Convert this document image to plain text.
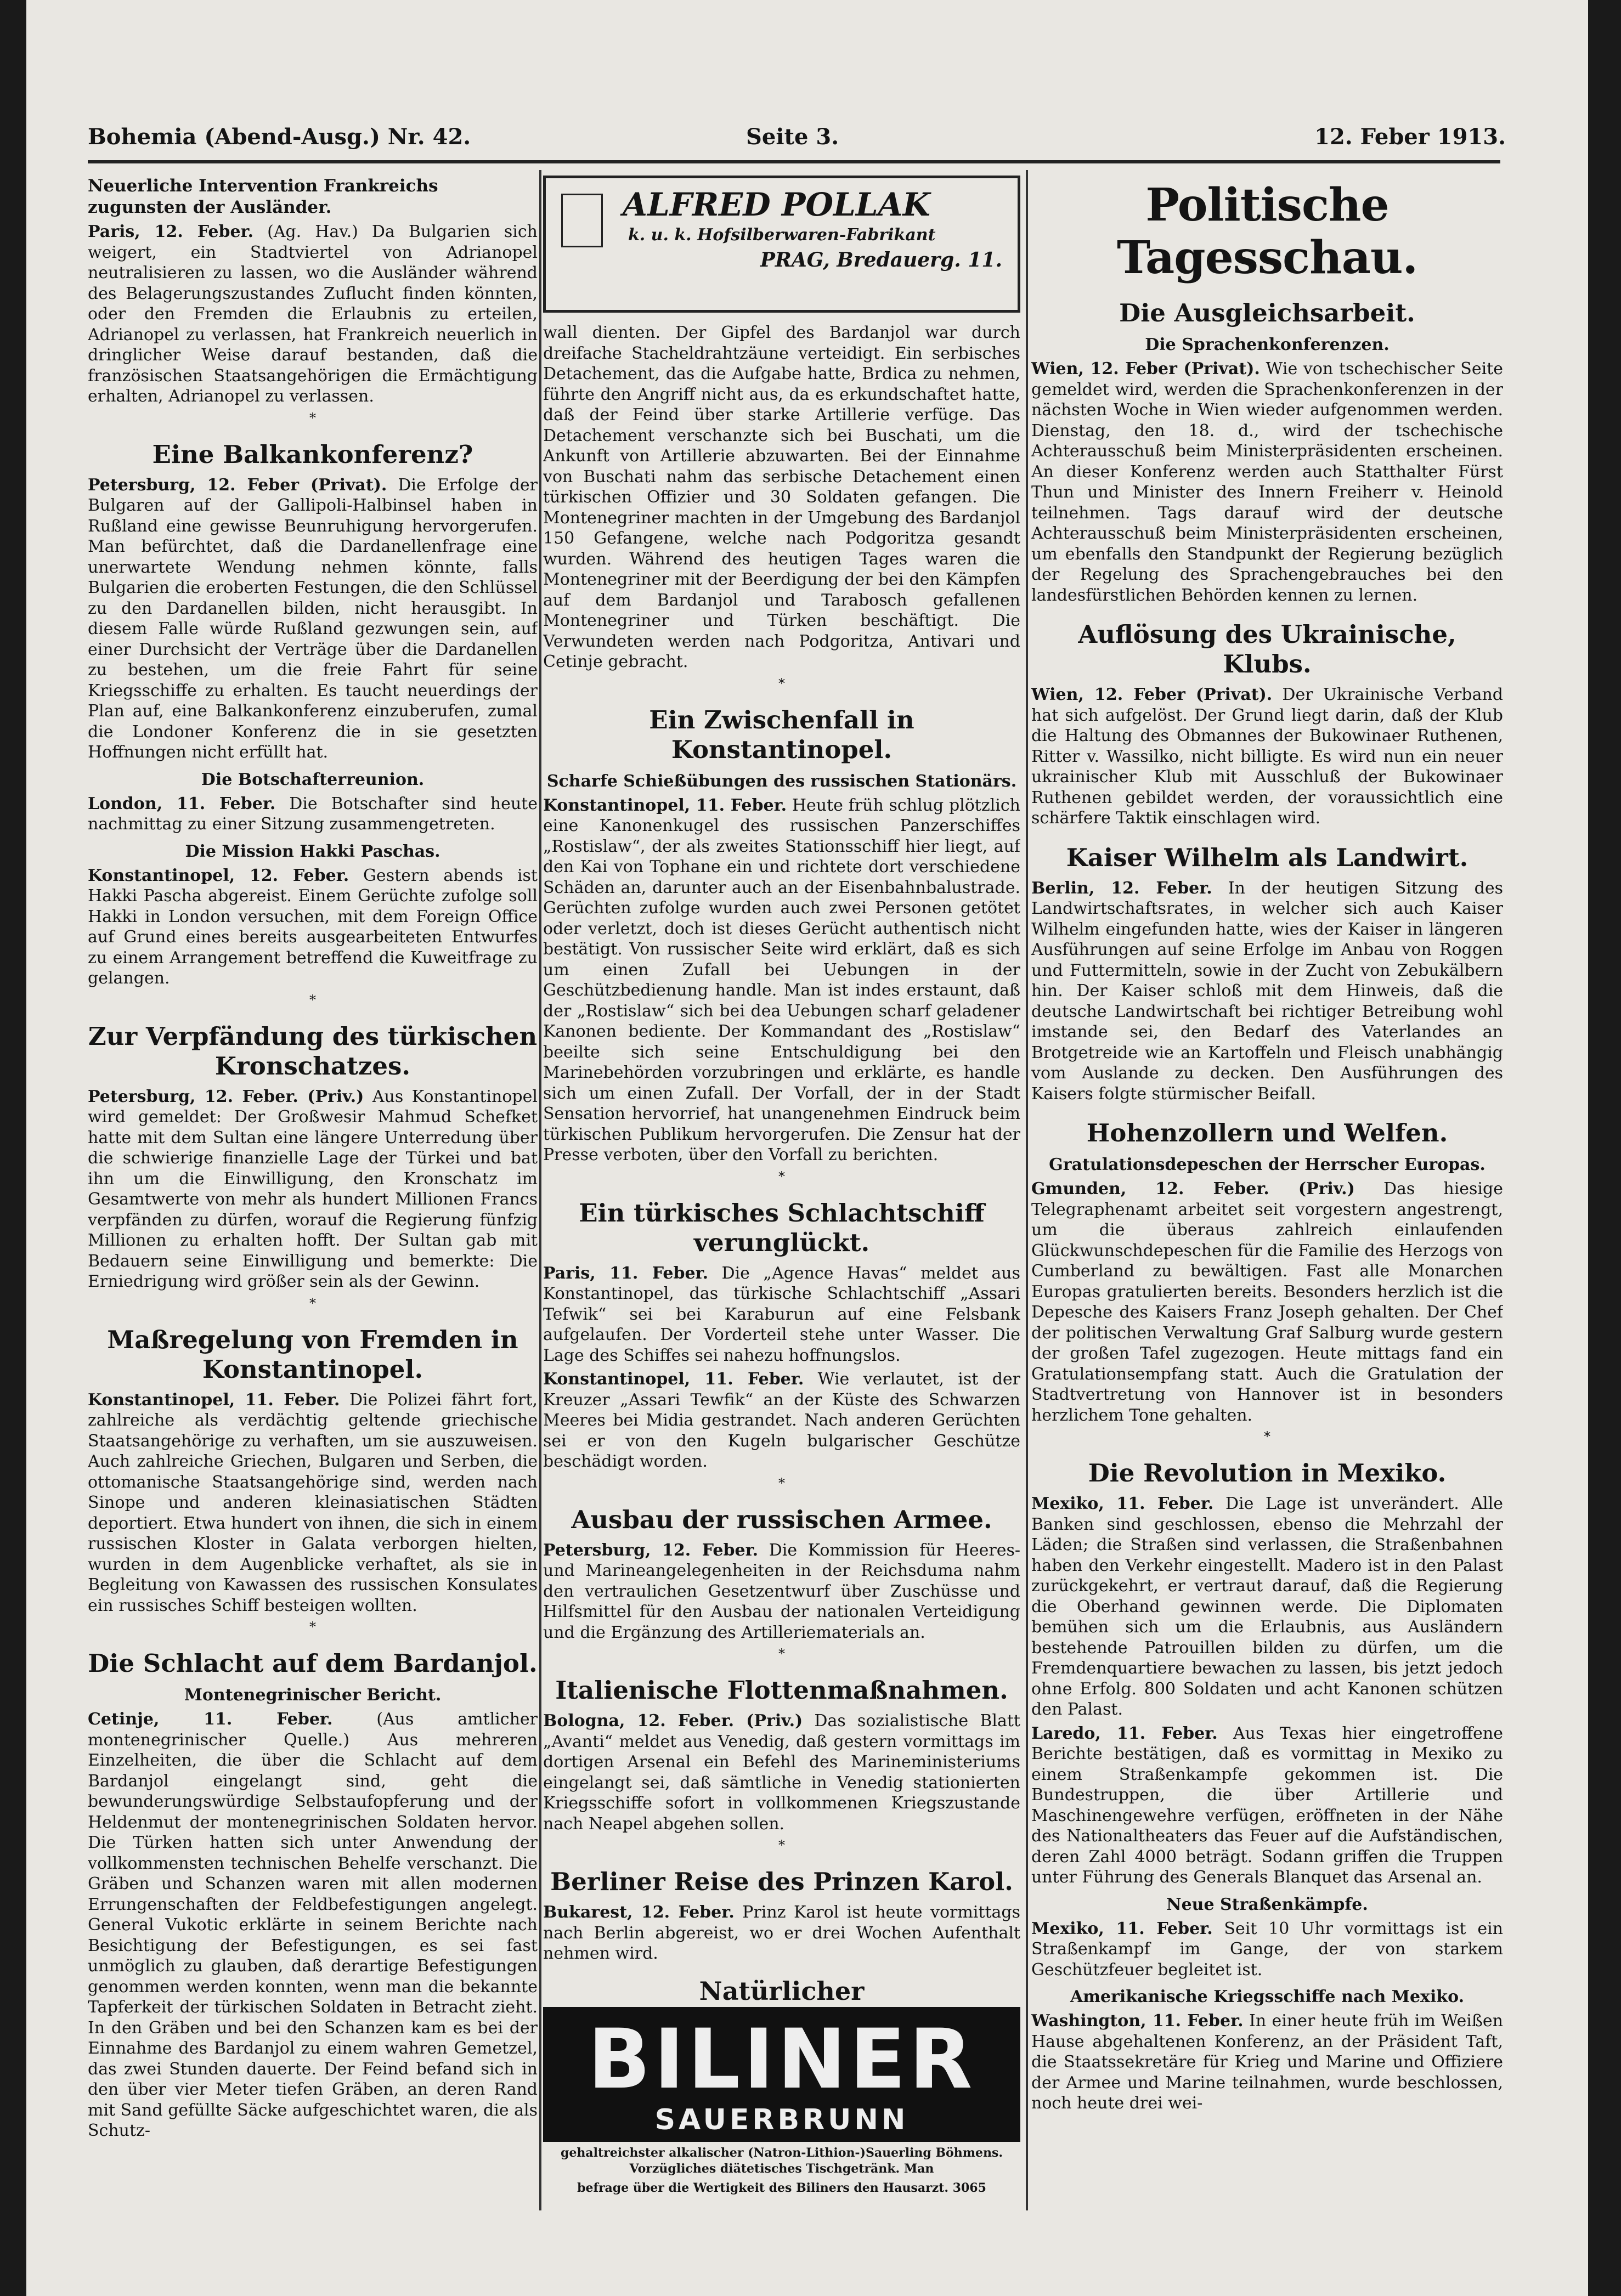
Bohemia (Abend-Ausg.) Nr. 42.	Seite 3.	12. Feber 1913.
Neuerliche Intervention Frankreichs zugunsten der Ausländer.

Paris, 12. Feber. (Ag. Hav.) Da Bulgarien sich weigert, ein Stadtviertel von Adrianopel neutralisieren zu lassen, wo die Ausländer während des Belagerungszustandes Zuflucht finden könnten, oder den Fremden die Erlaubnis zu erteilen, Adrianopel zu verlassen, hat Frankreich neuerlich in dringlicher Weise darauf bestanden, daß die französischen Staatsangehörigen die Ermächtigung erhalten, Adrianopel zu verlassen.

*
Eine Balkankonferenz?

Petersburg, 12. Feber (Privat). Die Erfolge der Bulgaren auf der Gallipoli-Halbinsel haben in Rußland eine gewisse Beunruhigung hervorgerufen. Man befürchtet, daß die Dardanellenfrage eine unerwartete Wendung nehmen könnte, falls Bulgarien die eroberten Festungen, die den Schlüssel zu den Dardanellen bilden, nicht herausgibt. In diesem Falle würde Rußland gezwungen sein, auf einer Durchsicht der Verträge über die Dardanellen zu bestehen, um die freie Fahrt für seine Kriegsschiffe zu erhalten. Es taucht neuerdings der Plan auf, eine Balkankonferenz einzuberufen, zumal die Londoner Konferenz die in sie gesetzten Hoffnungen nicht erfüllt hat.

Die Botschafterreunion.

London, 11. Feber. Die Botschafter sind heute nachmittag zu einer Sitzung zusammengetreten.

Die Mission Hakki Paschas.

Konstantinopel, 12. Feber. Gestern abends ist Hakki Pascha abgereist. Einem Gerüchte zufolge soll Hakki in London versuchen, mit dem Foreign Office auf Grund eines bereits ausgearbeiteten Entwurfes zu einem Arrangement betreffend die Kuweitfrage zu gelangen.

*
Zur Verpfändung des türkischen Kronschatzes.

Petersburg, 12. Feber. (Priv.) Aus Konstantinopel wird gemeldet: Der Großwesir Mahmud Schefket hatte mit dem Sultan eine längere Unterredung über die schwierige finanzielle Lage der Türkei und bat ihn um die Einwilligung, den Kronschatz im Gesamtwerte von mehr als hundert Millionen Francs verpfänden zu dürfen, worauf die Regierung fünfzig Millionen zu erhalten hofft. Der Sultan gab mit Bedauern seine Einwilligung und bemerkte: Die Erniedrigung wird größer sein als der Gewinn.

*
Maßregelung von Fremden in Konstantinopel.

Konstantinopel, 11. Feber. Die Polizei fährt fort, zahlreiche als verdächtig geltende griechische Staatsangehörige zu verhaften, um sie auszuweisen. Auch zahlreiche Griechen, Bulgaren und Serben, die ottomanische Staatsangehörige sind, werden nach Sinope und anderen kleinasiatischen Städten deportiert. Etwa hundert von ihnen, die sich in einem russischen Kloster in Galata verborgen hielten, wurden in dem Augenblicke verhaftet, als sie in Begleitung von Kawassen des russischen Konsulates ein russisches Schiff besteigen wollten.

*
Die Schlacht auf dem Bardanjol.
Montenegrinischer Bericht.

Cetinje, 11. Feber.	(Aus amtlicher montenegrinischer Quelle.) Aus mehreren Einzelheiten, die über die Schlacht auf dem Bardanjol eingelangt sind, geht die bewunderungswürdige Selbstaufopferung und der Heldenmut der montenegrinischen Soldaten hervor. Die Türken hatten sich unter Anwendung der vollkommensten technischen Behelfe verschanzt. Die Gräben und Schanzen waren mit allen modernen Errungenschaften der Feldbefestigungen angelegt. General Vukotic erklärte in seinem Berichte nach Besichtigung der Befestigungen, es sei fast unmöglich zu glauben, daß derartige Befestigungen genommen werden konnten, wenn man die bekannte Tapferkeit der türkischen Soldaten in Betracht zieht. In den Gräben und bei den Schanzen kam es bei der Einnahme des Bardanjol zu einem wahren Gemetzel, das zwei Stunden dauerte. Der Feind befand sich in den über vier Meter tiefen Gräben, an deren Rand mit Sand gefüllte Säcke aufgeschichtet waren, die als Schutz-

ALFRED POLLAK
k. u. k. Hofsilberwaren-Fabrikant
PRAG, Bredauerg. 11.

wall dienten. Der Gipfel des Bardanjol war durch dreifache Stacheldrahtzäune verteidigt. Ein serbisches Detachement, das die Aufgabe hatte, Brdica zu nehmen, führte den Angriff nicht aus, da es erkundschaftet hatte, daß der Feind über starke Artillerie verfüge. Das Detachement verschanzte sich bei Buschati, um die Ankunft von Artillerie abzuwarten. Bei der Einnahme von Buschati nahm das serbische Detachement einen türkischen Offizier und 30 Soldaten gefangen. Die Montenegriner machten in der Umgebung des Bardanjol 150 Gefangene, welche nach Podgoritza gesandt wurden. Während des heutigen Tages waren die Montenegriner mit der Beerdigung der bei den Kämpfen auf dem Bardanjol und Tarabosch gefallenen Montenegriner und Türken beschäftigt. Die Verwundeten werden nach Podgoritza, Antivari und Cetinje gebracht.

*
Ein Zwischenfall in Konstantinopel.
Scharfe Schießübungen des russischen Stationärs.

Konstantinopel, 11. Feber. Heute früh schlug plötzlich eine Kanonenkugel des russischen Panzerschiffes „Rostislaw“, der als zweites Stationsschiff hier liegt, auf den Kai von Tophane ein und richtete dort verschiedene Schäden an, darunter auch an der Eisenbahnbalustrade. Gerüchten zufolge wurden auch zwei Personen getötet oder verletzt, doch ist dieses Gerücht authentisch nicht bestätigt. Von russischer Seite wird erklärt, daß es sich um einen Zufall bei Uebungen in der Geschützbedienung handle. Man ist indes erstaunt, daß der „Rostislaw“ sich bei dea Uebungen scharf geladener Kanonen bediente. Der Kommandant des „Rostislaw“ beeilte sich seine Entschuldigung bei den Marinebehörden vorzubringen und erklärte, es handle sich um einen Zufall. Der Vorfall, der in der Stadt Sensation hervorrief, hat unangenehmen Eindruck beim türkischen Publikum hervorgerufen. Die Zensur hat der Presse verboten, über den Vorfall zu berichten.

*
Ein türkisches Schlachtschiff verunglückt.

Paris, 11. Feber. Die „Agence Havas“ meldet aus Konstantinopel, das türkische Schlachtschiff „Assari Tefwik“ sei bei Karaburun auf eine Felsbank aufgelaufen. Der Vorderteil stehe unter Wasser. Die Lage des Schiffes sei nahezu hoffnungslos.

Konstantinopel, 11. Feber. Wie verlautet, ist der Kreuzer „Assari Tewfik“ an der Küste des Schwarzen Meeres bei Midia gestrandet. Nach anderen Gerüchten sei er von den Kugeln bulgarischer Geschütze beschädigt worden.

*
Ausbau der russischen Armee.

Petersburg, 12. Feber. Die Kommission für Heeres- und Marineangelegenheiten in der Reichsduma nahm den vertraulichen Gesetzentwurf über Zuschüsse und Hilfsmittel für den Ausbau der nationalen Verteidigung und die Ergänzung des Artilleriematerials an.

*
Italienische Flottenmaßnahmen.

Bologna, 12. Feber. (Priv.) Das sozialistische Blatt „Avanti“ meldet aus Venedig, daß gestern vormittags im dortigen Arsenal ein Befehl des Marineministeriums eingelangt sei, daß sämtliche in Venedig stationierten Kriegsschiffe sofort in vollkommenen Kriegszustande nach Neapel abgehen sollen.

*
Berliner Reise des Prinzen Karol.

Bukarest, 12. Feber. Prinz Karol ist heute vormittags nach Berlin abgereist, wo er drei Wochen Aufenthalt nehmen wird.

Natürlicher
BILINER
SAUERBRUNN
gehaltreichster alkalischer (Natron-Lithion-)Sauerling Böhmens. Vorzügliches diätetisches Tischgetränk. Man
befrage über die Wertigkeit des Biliners den Hausarzt. 3065
Politische Tagesschau.
Die Ausgleichsarbeit.
Die Sprachenkonferenzen.

Wien, 12. Feber (Privat). Wie von tschechischer Seite gemeldet wird, werden die Sprachenkonferenzen in der nächsten Woche in Wien wieder aufgenommen werden. Dienstag, den 18. d., wird der tschechische Achterausschuß beim Ministerpräsidenten erscheinen. An dieser Konferenz werden auch Statthalter Fürst Thun und Minister des Innern Freiherr v. Heinold teilnehmen. Tags darauf wird der deutsche Achterausschuß beim Ministerpräsidenten erscheinen, um ebenfalls den Standpunkt der Regierung bezüglich der Regelung des Sprachengebrauches bei den landesfürstlichen Behörden kennen zu lernen.

Auflösung des Ukrainische, Klubs.

Wien, 12. Feber (Privat). Der Ukrainische Verband hat sich aufgelöst. Der Grund liegt darin, daß der Klub die Haltung des Obmannes der Bukowinaer Ruthenen, Ritter v. Wassilko, nicht billigte. Es wird nun ein neuer ukrainischer Klub mit Ausschluß der Bukowinaer Ruthenen gebildet werden, der voraussichtlich eine schärfere Taktik einschlagen wird.

Kaiser Wilhelm als Landwirt.

Berlin, 12. Feber. In der heutigen Sitzung des Landwirtschaftsrates, in welcher sich auch Kaiser Wilhelm eingefunden hatte, wies der Kaiser in längeren Ausführungen auf seine Erfolge im Anbau von Roggen und Futtermitteln, sowie in der Zucht von Zebukälbern hin. Der Kaiser schloß mit dem Hinweis, daß die deutsche Landwirtschaft bei richtiger Betreibung wohl imstande sei, den Bedarf des Vaterlandes an Brotgetreide wie an Kartoffeln und Fleisch unabhängig vom Auslande zu decken. Den Ausführungen des Kaisers folgte stürmischer Beifall.

Hohenzollern und Welfen.
Gratulationsdepeschen der Herrscher Europas.

Gmunden, 12. Feber. (Priv.) Das hiesige Telegraphenamt arbeitet seit vorgestern angestrengt, um die überaus zahlreich einlaufenden Glückwunschdepeschen für die Familie des Herzogs von Cumberland zu bewältigen. Fast alle Monarchen Europas gratulierten bereits. Besonders herzlich ist die Depesche des Kaisers Franz Joseph gehalten. Der Chef der politischen Verwaltung Graf Salburg wurde gestern der großen Tafel zugezogen. Heute mittags fand ein Gratulationsempfang statt. Auch die Gratulation der Stadtvertretung von Hannover ist in besonders herzlichem Tone gehalten.

*
Die Revolution in Mexiko.

Mexiko, 11. Feber. Die Lage ist unverändert. Alle Banken sind geschlossen, ebenso die Mehrzahl der Läden; die Straßen sind verlassen, die Straßenbahnen haben den Verkehr eingestellt. Madero ist in den Palast zurückgekehrt, er vertraut darauf, daß die Regierung die Oberhand gewinnen werde. Die Diplomaten bemühen sich um die Erlaubnis, aus Ausländern bestehende Patrouillen bilden zu dürfen, um die Fremdenquartiere bewachen zu lassen, bis jetzt jedoch ohne Erfolg. 800 Soldaten und acht Kanonen schützen den Palast.

Laredo, 11. Feber. Aus Texas hier eingetroffene Berichte bestätigen, daß es vormittag in Mexiko zu einem Straßenkampfe gekommen ist. Die Bundestruppen, die über Artillerie und Maschinengewehre verfügen, eröffneten in der Nähe des Nationaltheaters das Feuer auf die Aufständischen, deren Zahl 4000 beträgt. Sodann griffen die Truppen unter Führung des Generals Blanquet das Arsenal an.

Neue Straßenkämpfe.

Mexiko, 11. Feber. Seit 10 Uhr vormittags ist ein Straßenkampf im Gange, der von starkem Geschützfeuer begleitet ist.

Amerikanische Kriegsschiffe nach Mexiko.

Washington, 11. Feber. In einer heute früh im Weißen Hause abgehaltenen Konferenz, an der Präsident Taft, die Staatssekretäre für Krieg und Marine und Offiziere der Armee und Marine teilnahmen, wurde beschlossen, noch heute drei wei-
